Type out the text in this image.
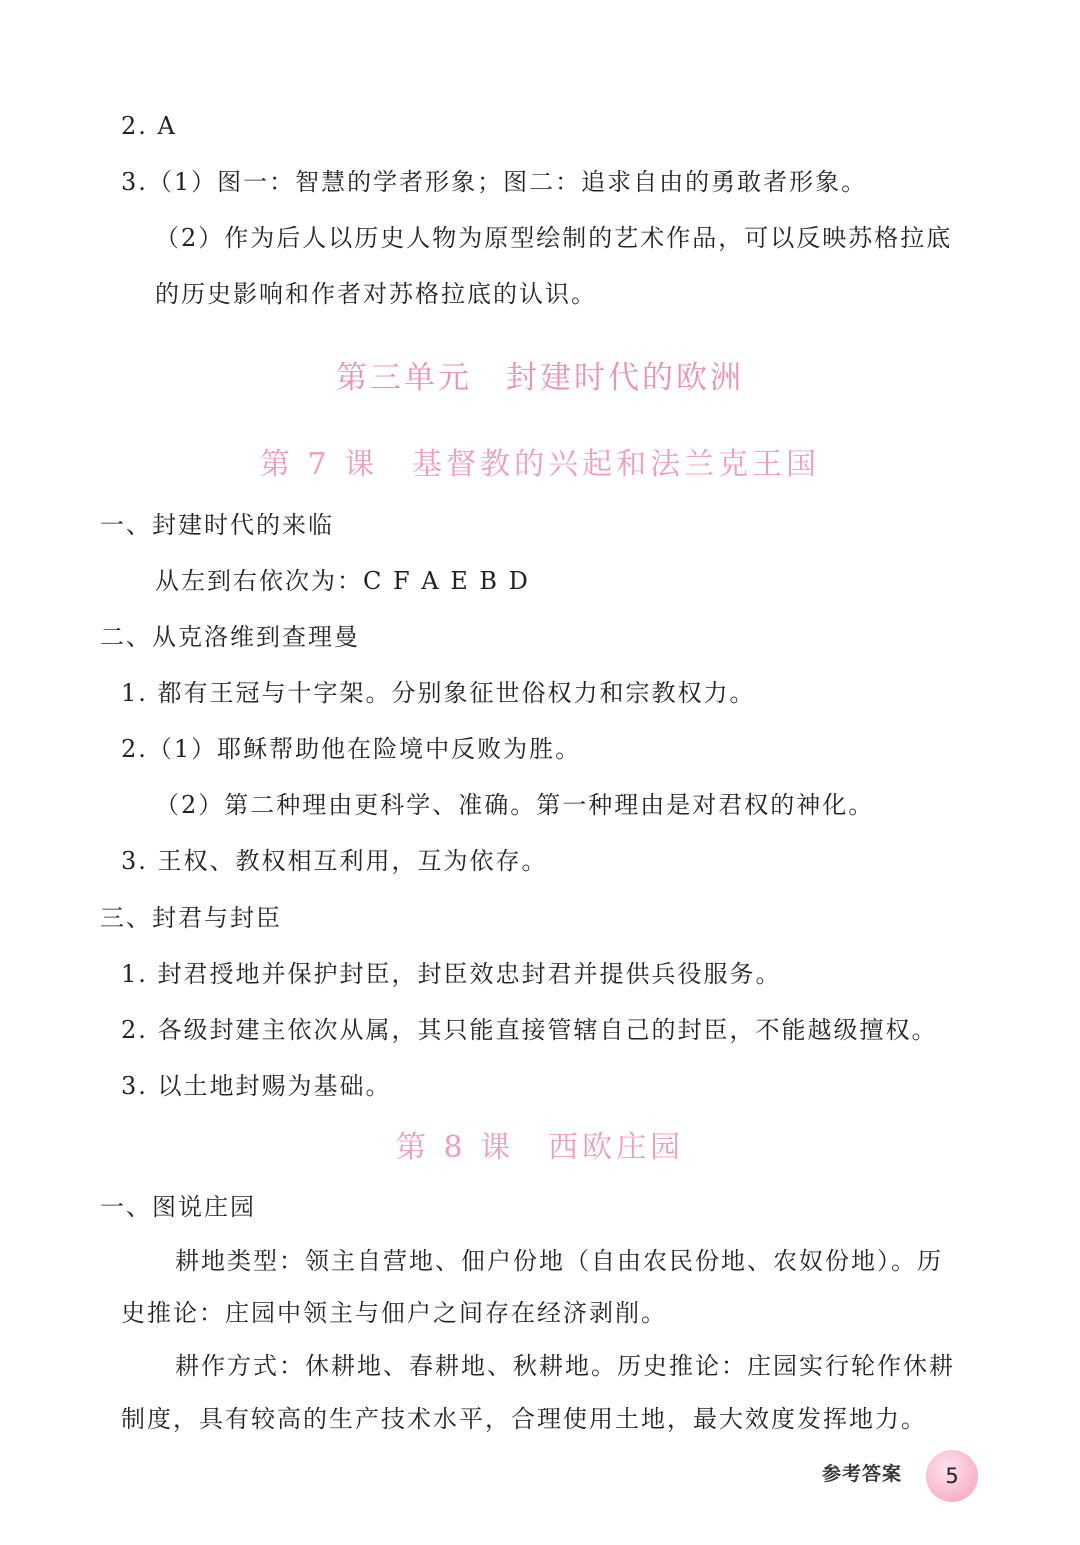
2. A
3.（1）图一：智慧的学者形象；图二：追求自由的勇敢者形象。
（2）作为后人以历史人物为原型绘制的艺术作品，可以反映苏格拉底
的历史影响和作者对苏格拉底的认识。
第三单元　封建时代的欧洲
第 7 课　基督教的兴起和法兰克王国
一、封建时代的来临
从左到右依次为：C F A E B D
二、从克洛维到查理曼
1. 都有王冠与十字架。分别象征世俗权力和宗教权力。
2.（1）耶稣帮助他在险境中反败为胜。
（2）第二种理由更科学、准确。第一种理由是对君权的神化。
3. 王权、教权相互利用，互为依存。
三、封君与封臣
1. 封君授地并保护封臣，封臣效忠封君并提供兵役服务。
2. 各级封建主依次从属，其只能直接管辖自己的封臣，不能越级擅权。
3. 以土地封赐为基础。
第 8 课　西欧庄园
一、图说庄园
耕地类型：领主自营地、佃户份地（自由农民份地、农奴份地）。历
史推论：庄园中领主与佃户之间存在经济剥削。
耕作方式：休耕地、春耕地、秋耕地。历史推论：庄园实行轮作休耕
制度，具有较高的生产技术水平，合理使用土地，最大效度发挥地力。
参考答案 5
